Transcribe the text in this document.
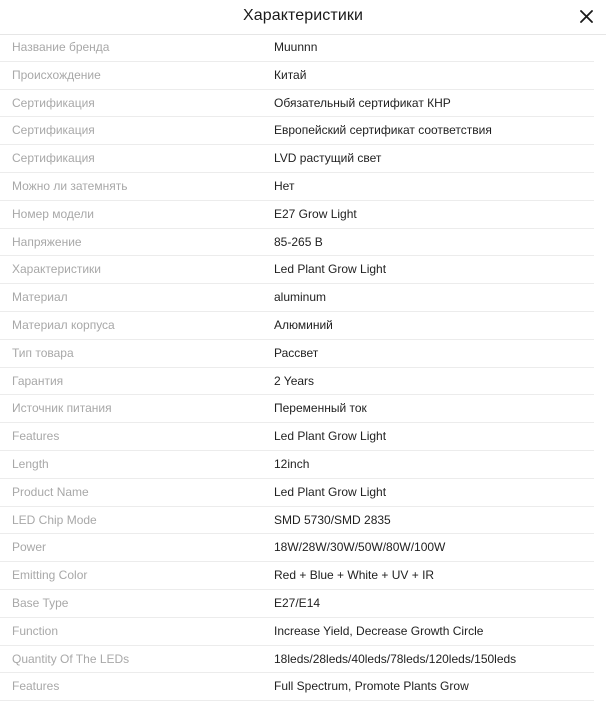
Характеристики
Название бренда	Muunnn
Происхождение	Китай
Сертификация	Обязательный сертификат КНР
Сертификация	Европейский сертификат соответствия
Сертификация	LVD растущий свет
Можно ли затемнять	Нет
Номер модели	E27 Grow Light
Напряжение	85-265 В
Характеристики	Led Plant Grow Light
Материал	aluminum
Материал корпуса	Алюминий
Тип товара	Рассвет
Гарантия	2 Years
Источник питания	Переменный ток
Features	Led Plant Grow Light
Length	12inch
Product Name	Led Plant Grow Light
LED Chip Mode	SMD 5730/SMD 2835
Power	18W/28W/30W/50W/80W/100W
Emitting Color	Red + Blue + White + UV + IR
Base Type	E27/E14
Function	Increase Yield, Decrease Growth Circle
Quantity Of The LEDs	18leds/28leds/40leds/78leds/120leds/150leds
Features	Full Spectrum, Promote Plants Grow
